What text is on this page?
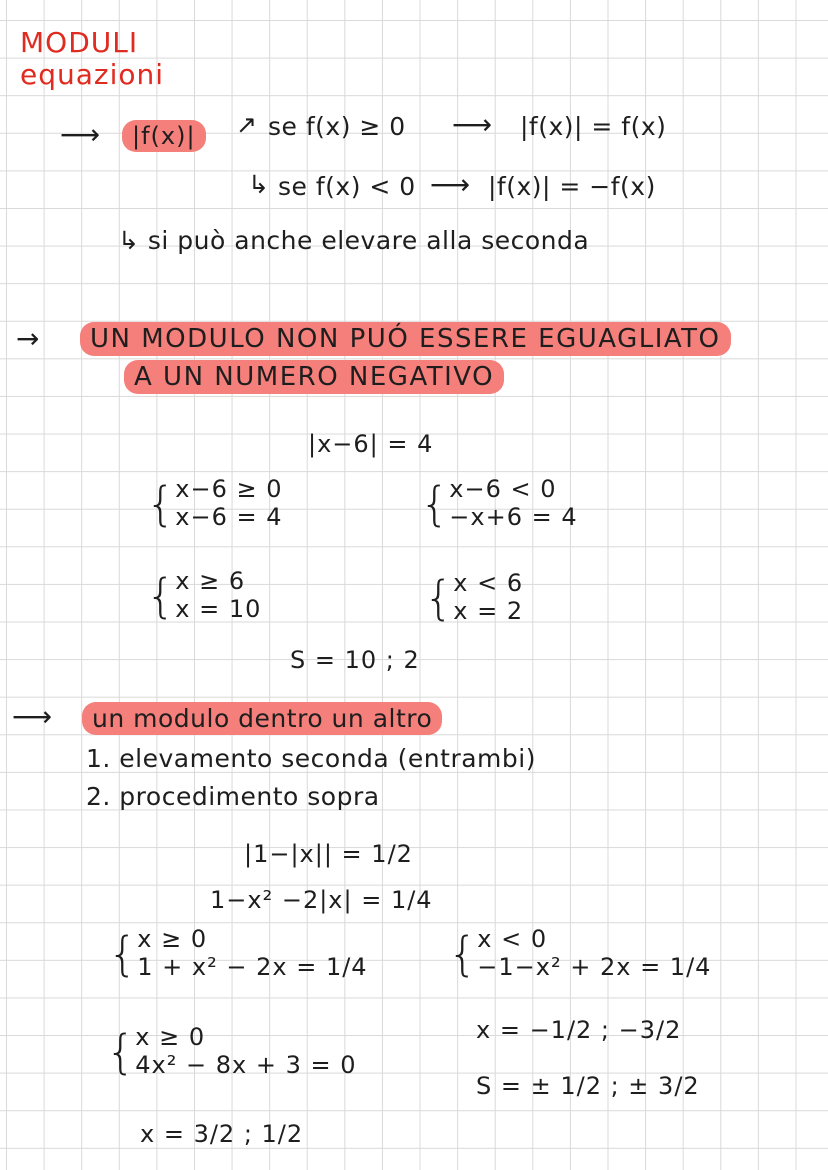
MODULI
equazioni
⟶	|f(x)|	↗ se f(x) ≥ 0 ⟶ |f(x)| = f(x)
↳ se f(x) < 0 ⟶ |f(x)| = −f(x)
↳ si può anche elevare alla seconda
→	UN MODULO NON PUÓ ESSERE EGUAGLIATO
A UN NUMERO NEGATIVO
|x−6| = 4
{ x−6 ≥ 0
x−6 = 4	{ x−6 < 0
−x+6 = 4
{ x ≥ 6
x = 10	{ x < 6
x = 2
S = 10 ; 2
⟶	un modulo dentro un altro
1. elevamento seconda (entrambi)
2. procedimento sopra
|1−|x|| = 1/2
1−x² −2|x| = 1/4
{ x ≥ 0
1 + x² − 2x = 1/4 { x < 0
−1−x² + 2x = 1/4
x = −1/2 ; −3/2
{ x ≥ 0
4x² − 8x + 3 = 0
S = ± 1/2 ; ± 3/2
x = 3/2 ; 1/2
